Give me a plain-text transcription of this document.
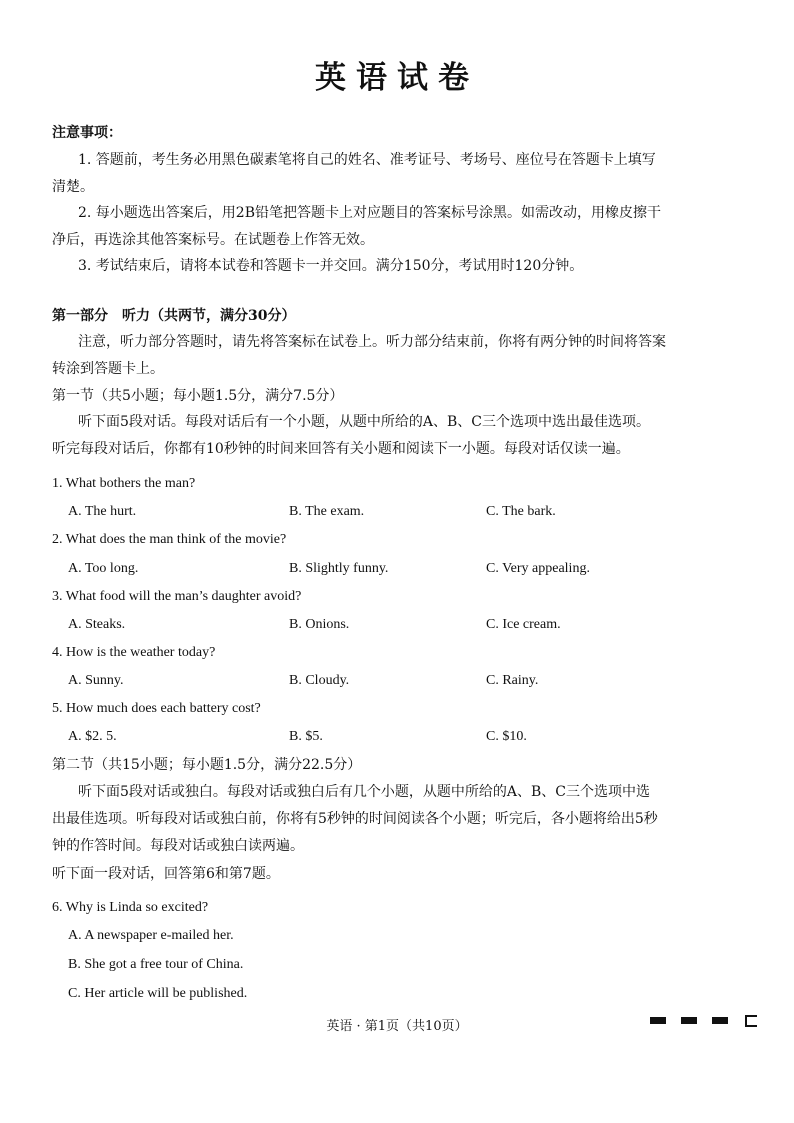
英语试卷
注意事项：
1. 答题前，考生务必用黑色碳素笔将自己的姓名、准考证号、考场号、座位号在答题卡上填写
清楚。
2. 每小题选出答案后，用2B铅笔把答题卡上对应题目的答案标号涂黑。如需改动，用橡皮擦干
净后，再选涂其他答案标号。在试题卷上作答无效。
3. 考试结束后，请将本试卷和答题卡一并交回。满分150分，考试用时120分钟。
第一部分　听力（共两节，满分30分）
注意，听力部分答题时，请先将答案标在试卷上。听力部分结束前，你将有两分钟的时间将答案
转涂到答题卡上。
第一节（共5小题；每小题1.5分，满分7.5分）
听下面5段对话。每段对话后有一个小题，从题中所给的A、B、C三个选项中选出最佳选项。
听完每段对话后，你都有10秒钟的时间来回答有关小题和阅读下一小题。每段对话仅读一遍。
1. What bothers the man?
A. The hurt.	B. The exam.	C. The bark.
2. What does the man think of the movie?
A. Too long.	B. Slightly funny.	C. Very appealing.
3. What food will the man’s daughter avoid?
A. Steaks.	B. Onions.	C. Ice cream.
4. How is the weather today?
A. Sunny.	B. Cloudy.	C. Rainy.
5. How much does each battery cost?
A. $2. 5.	B. $5.	C. $10.
第二节（共15小题；每小题1.5分，满分22.5分）
听下面5段对话或独白。每段对话或独白后有几个小题，从题中所给的A、B、C三个选项中选
出最佳选项。听每段对话或独白前，你将有5秒钟的时间阅读各个小题；听完后，各小题将给出5秒
钟的作答时间。每段对话或独白读两遍。
听下面一段对话，回答第6和第7题。
6. Why is Linda so excited?
A. A newspaper e-mailed her.
B. She got a free tour of China.
C. Her article will be published.
英语 · 第1页（共10页）
